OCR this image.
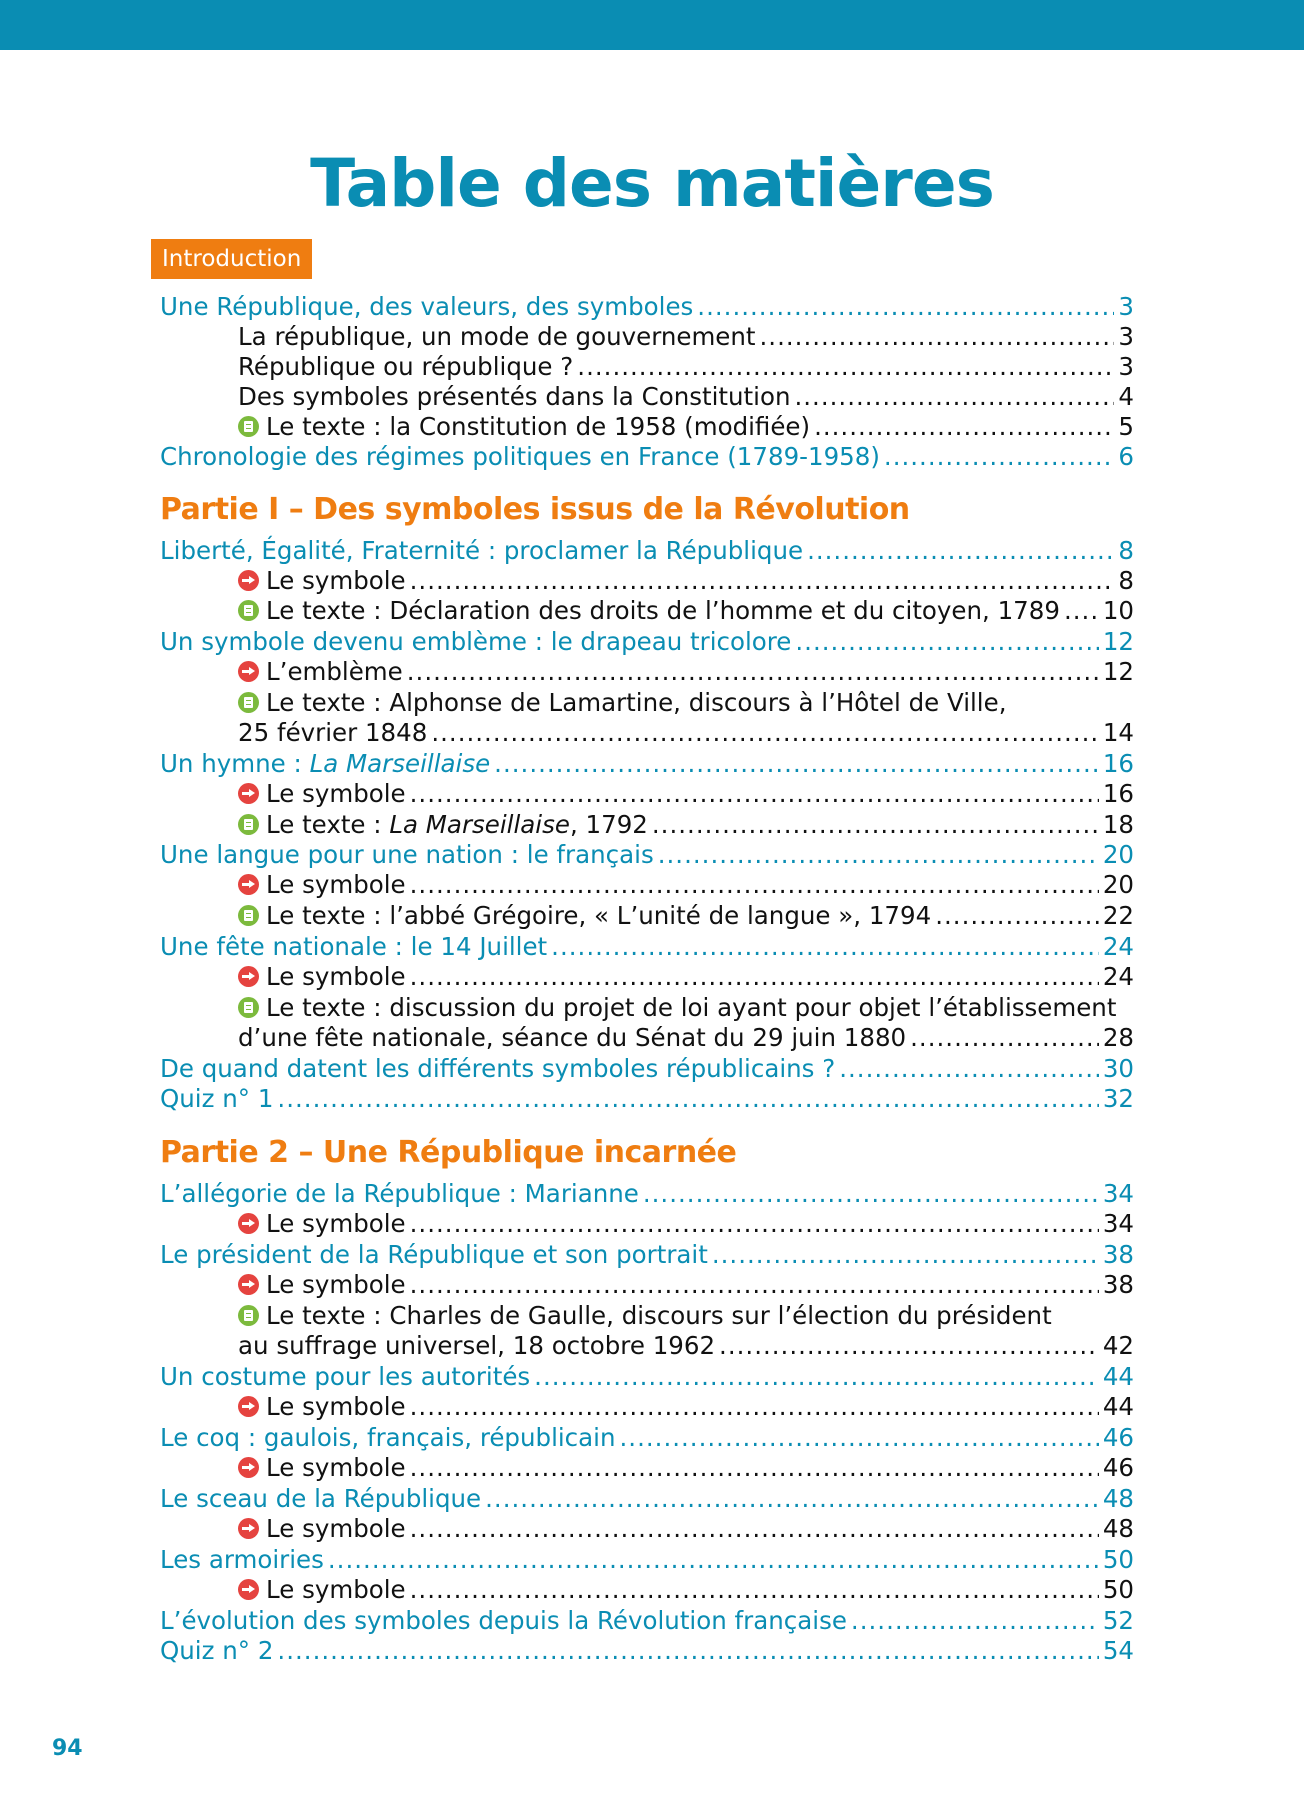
Table des matières
Introduction
Une République, des valeurs, des symboles .....	3
La république, un mode de gouvernement .....	3
République ou république ? .....	3
Des symboles présentés dans la Constitution .....	4
Le texte : la Constitution de 1958 (modifiée) .....	5
Chronologie des régimes politiques en France (1789-1958) .....	6
Partie I – Des symboles issus de la Révolution
Liberté, Égalité, Fraternité : proclamer la République .....	8
Le symbole .....	8
Le texte : Déclaration des droits de l’homme et du citoyen, 1789 ..... 10
Un symbole devenu emblème : le drapeau tricolore .....	12
L’emblème .....	12
Le texte : Alphonse de Lamartine, discours à l’Hôtel de Ville,
25 février 1848 .....	14
Un hymne : La Marseillaise .....	16
Le symbole .....	16
Le texte : La Marseillaise, 1792 .....	18
Une langue pour une nation : le français .....	20
Le symbole .....	20
Le texte : l’abbé Grégoire, « L’unité de langue », 1794 .....	22
Une fête nationale : le 14 Juillet .....	24
Le symbole .....	24
Le texte : discussion du projet de loi ayant pour objet l’établissement
d’une fête nationale, séance du Sénat du 29 juin 1880 .....	28
De quand datent les différents symboles républicains ? .....	30
Quiz n° 1 .....	32
Partie 2 – Une République incarnée
L’allégorie de la République : Marianne .....	34
Le symbole .....	34
Le président de la République et son portrait .....	38
Le symbole .....	38
Le texte : Charles de Gaulle, discours sur l’élection du président
au suffrage universel, 18 octobre 1962 .....	42
Un costume pour les autorités .....	44
Le symbole .....	44
Le coq : gaulois, français, républicain .....	46
Le symbole .....	46
Le sceau de la République .....	48
Le symbole .....	48
Les armoiries .....	50
Le symbole .....	50
L’évolution des symboles depuis la Révolution française .....	52
Quiz n° 2 .....	54
94
